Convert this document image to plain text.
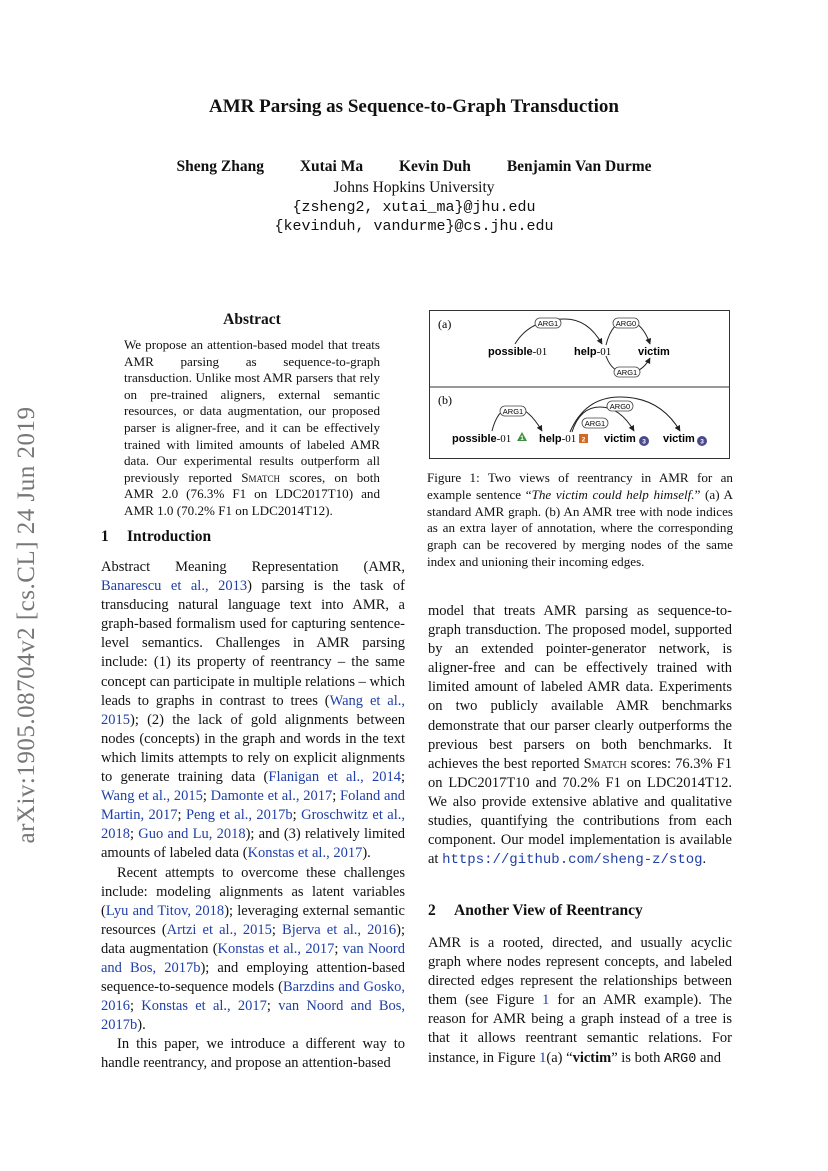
AMR Parsing as Sequence-to-Graph Transduction
Sheng Zhang Xutai Ma Kevin Duh Benjamin Van Durme
Johns Hopkins University
{zsheng2, xutai_ma}@jhu.edu
{kevinduh, vandurme}@cs.jhu.edu
arXiv:1905.08704v2 [cs.CL] 24 Jun 2019
Abstract
We propose an attention-based model that treats AMR parsing as sequence-to-graph transduction. Unlike most AMR parsers that rely on pre-trained aligners, external semantic resources, or data augmentation, our proposed parser is aligner-free, and it can be effectively trained with limited amounts of labeled AMR data. Our experimental results outperform all previously reported Smatch scores, on both AMR 2.0 (76.3% F1 on LDC2017T10) and AMR 1.0 (70.2% F1 on LDC2014T12).
1 Introduction

Abstract Meaning Representation (AMR, Banarescu et al., 2013) parsing is the task of transducing natural language text into AMR, a graph-based formalism used for capturing sentence-level semantics. Challenges in AMR parsing include: (1) its property of reentrancy – the same concept can participate in multiple relations – which leads to graphs in contrast to trees (Wang et al., 2015); (2) the lack of gold alignments between nodes (concepts) in the graph and words in the text which limits attempts to rely on explicit alignments to generate training data (Flanigan et al., 2014; Wang et al., 2015; Damonte et al., 2017; Foland and Martin, 2017; Peng et al., 2017b; Groschwitz et al., 2018; Guo and Lu, 2018); and (3) relatively limited amounts of labeled data (Konstas et al., 2017).

Recent attempts to overcome these challenges include: modeling alignments as latent variables (Lyu and Titov, 2018); leveraging external semantic resources (Artzi et al., 2015; Bjerva et al., 2016); data augmentation (Konstas et al., 2017; van Noord and Bos, 2017b); and employing attention-based sequence-to-sequence models (Barzdins and Gosko, 2016; Konstas et al., 2017; van Noord and Bos, 2017b).

In this paper, we introduce a different way to handle reentrancy, and propose an attention-based

(a)
(b)
ARG1	ARG0
ARG1
possible-01 help-01 victim
ARG1
ARG1
ARG0
possible-01 1 help-01 2 victim 3 victim 3
Figure 1: Two views of reentrancy in AMR for an example sentence “The victim could help himself.” (a) A standard AMR graph. (b) An AMR tree with node indices as an extra layer of annotation, where the corresponding graph can be recovered by merging nodes of the same index and unioning their incoming edges.

model that treats AMR parsing as sequence-to-graph transduction. The proposed model, supported by an extended pointer-generator network, is aligner-free and can be effectively trained with limited amount of labeled AMR data. Experiments on two publicly available AMR benchmarks demonstrate that our parser clearly outperforms the previous best parsers on both benchmarks. It achieves the best reported Smatch scores: 76.3% F1 on LDC2017T10 and 70.2% F1 on LDC2014T12. We also provide extensive ablative and qualitative studies, quantifying the contributions from each component. Our model implementation is available at https://github.com/sheng-z/stog.

2 Another View of Reentrancy

AMR is a rooted, directed, and usually acyclic graph where nodes represent concepts, and labeled directed edges represent the relationships between them (see Figure 1 for an AMR example). The reason for AMR being a graph instead of a tree is that it allows reentrant semantic relations. For instance, in Figure 1(a) “victim” is both ARG0 and
